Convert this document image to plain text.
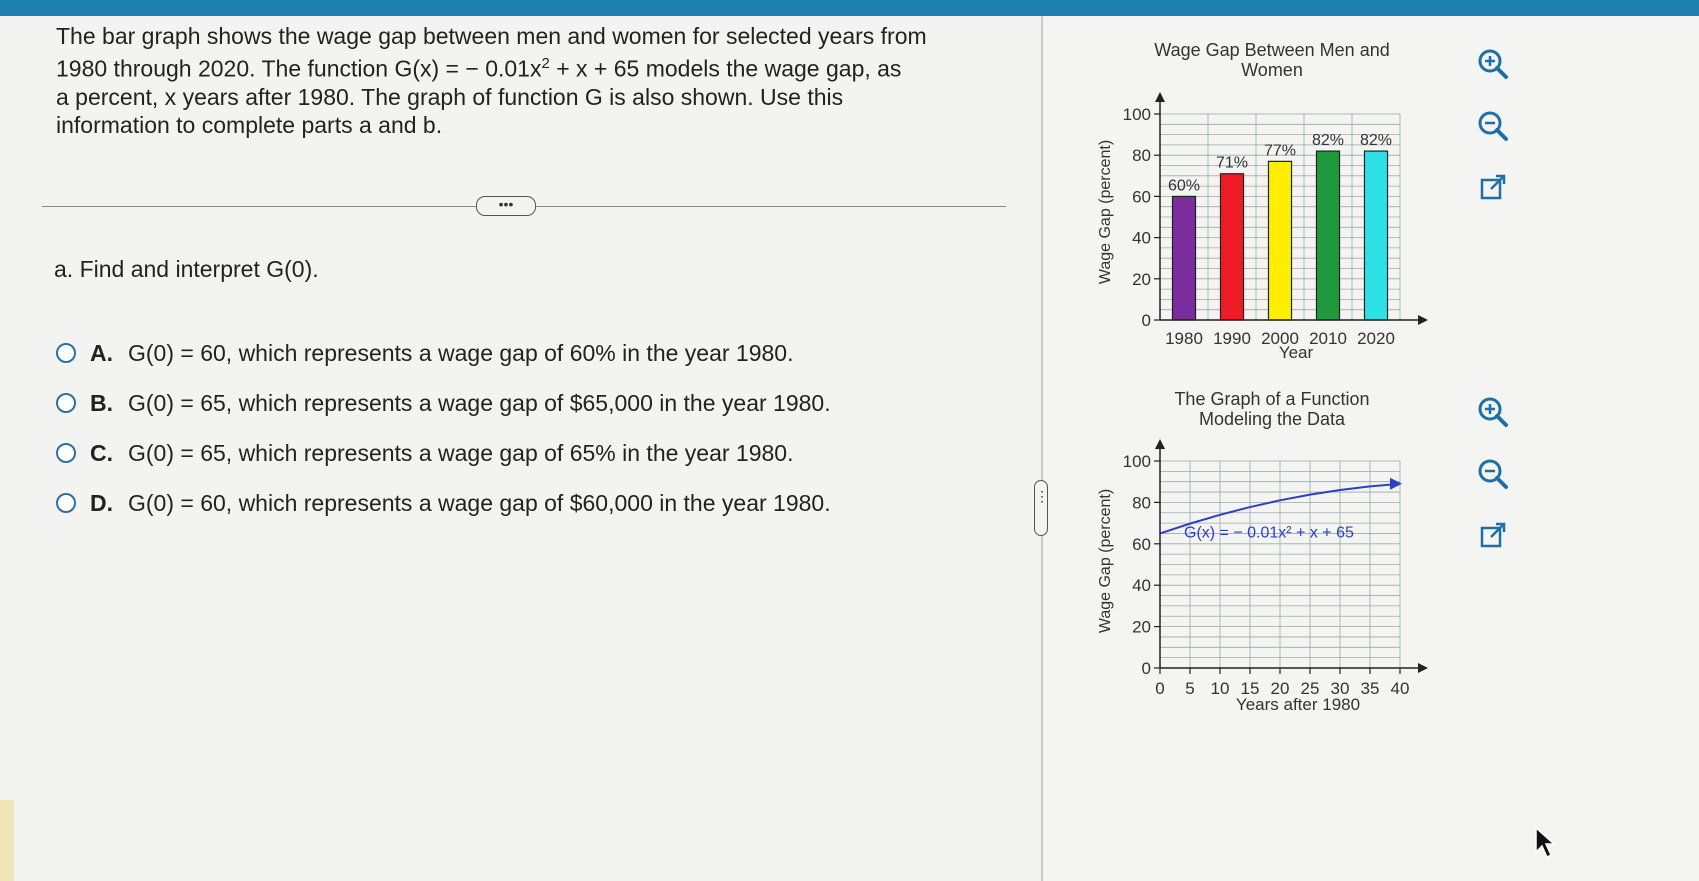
The bar graph shows the wage gap between men and women for selected years from
1980 through 2020. The function G(x) = − $0.01x^2 + x + 65$ models the wage gap, as
a percent, x years after 1980. The graph of function G is also shown. Use this
information to complete parts a and b.
•••
a. Find and interpret G(0).
A. G(0) = 60, which represents a wage gap of 60% in the year 1980.
B. G(0) = 65, which represents a wage gap of $65,000 in the year 1980.
C. G(0) = 65, which represents a wage gap of 65% in the year 1980.
D. G(0) = 60, which represents a wage gap of $60,000 in the year 1980.	⋮
Wage Gap Between Men and
Women
60%
71%
77%
82% 82%
1980 1990 2000 2010 2020
0
20
40
60
80
100
Year
Wage Gap (percent)
The Graph of a Function
Modeling the Data
G(x) = − 0.01x² + x + 65
0
20
40
60
80
100
0 5 10 15 20 25 30 35 40
Years after 1980
Wage Gap (percent)
